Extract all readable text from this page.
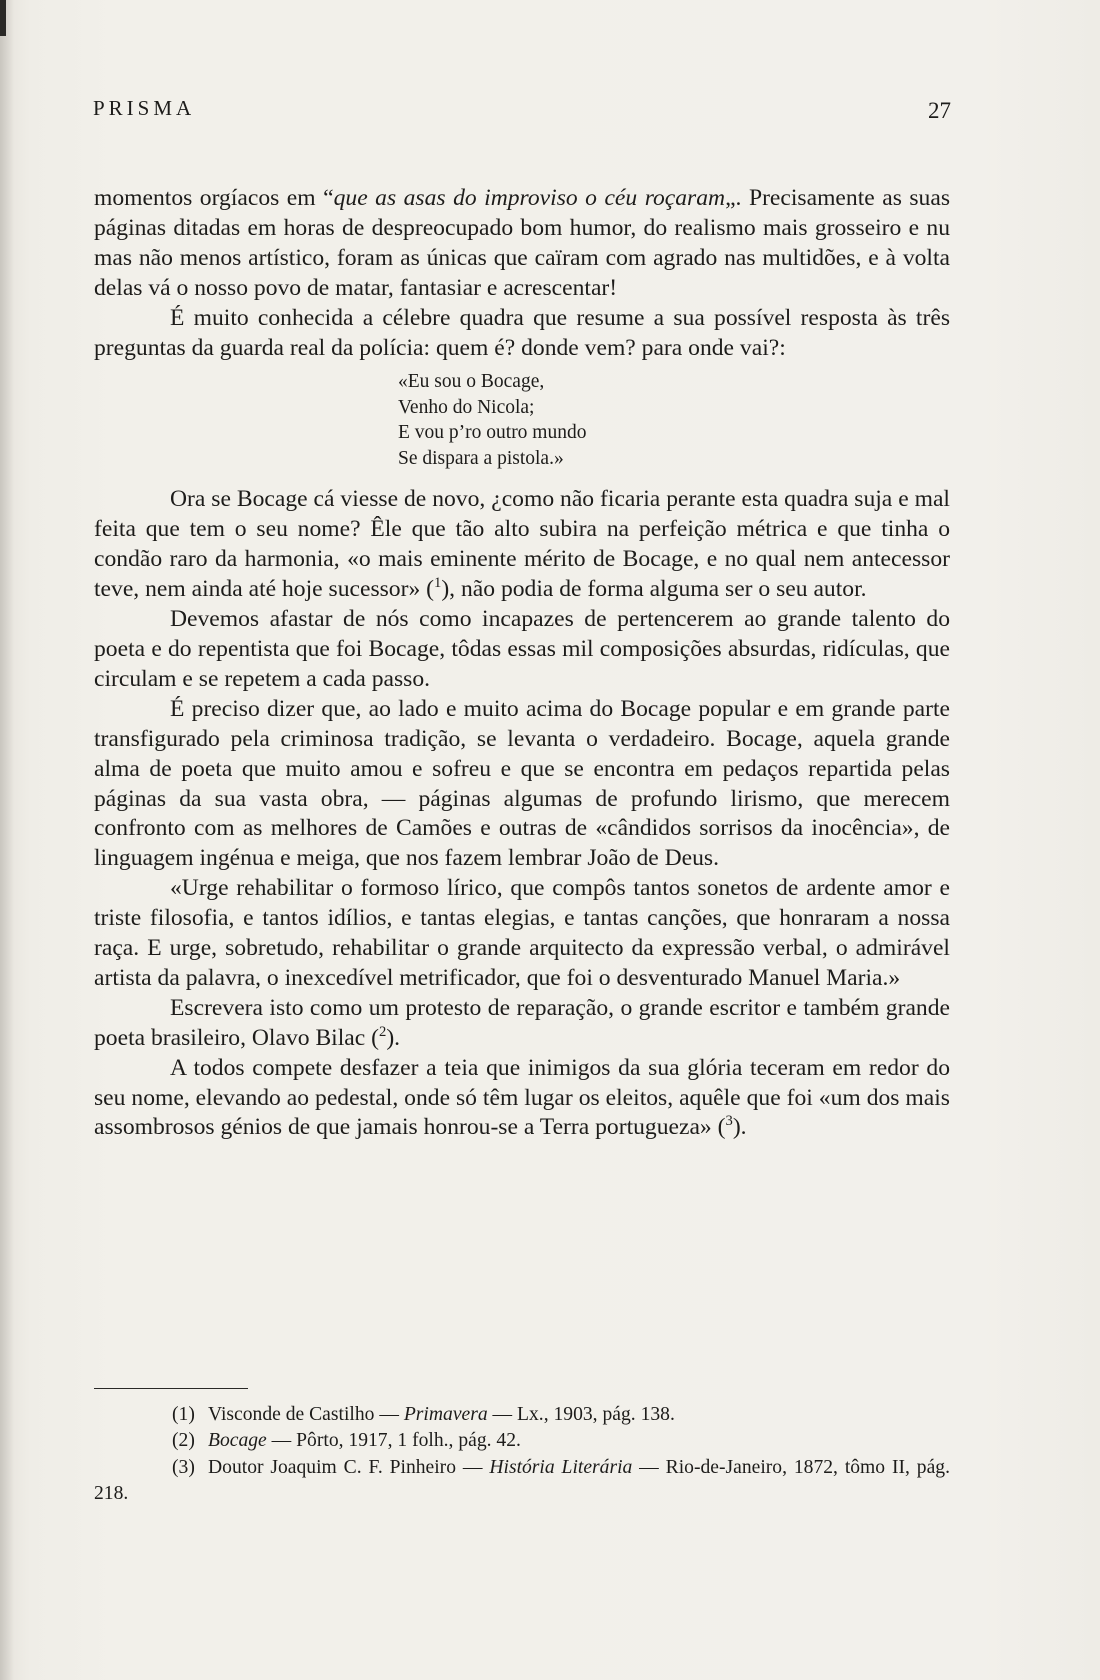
PRISMA	27

momentos orgíacos em “que as asas do improviso o céu roçaram„. Precisamente as suas páginas ditadas em horas de despreocupado bom humor, do realismo mais grosseiro e nu mas não menos artístico, foram as únicas que caïram com agrado nas multidões, e à volta delas vá o nosso povo de matar, fantasiar e acrescentar!

É muito conhecida a célebre quadra que resume a sua possível resposta às três preguntas da guarda real da polícia: quem é? donde vem? para onde vai?:

«Eu sou o Bocage,
Venho do Nicola;
E vou p’ro outro mundo
Se dispara a pistola.»

Ora se Bocage cá viesse de novo, ¿como não ficaria perante esta quadra suja e mal feita que tem o seu nome? Êle que tão alto subira na perfeição métrica e que tinha o condão raro da harmonia, «o mais eminente mérito de Bocage, e no qual nem antecessor teve, nem ainda até hoje sucessor» ($^1$), não podia de forma alguma ser o seu autor.

Devemos afastar de nós como incapazes de pertencerem ao grande talento do poeta e do repentista que foi Bocage, tôdas essas mil composições absurdas, ridículas, que circulam e se repetem a cada passo.

É preciso dizer que, ao lado e muito acima do Bocage popular e em grande parte transfigurado pela criminosa tradição, se levanta o verdadeiro. Bocage, aquela grande alma de poeta que muito amou e sofreu e que se encontra em pedaços repartida pelas páginas da sua vasta obra, — páginas algumas de profundo lirismo, que merecem confronto com as melhores de Camões e outras de «cândidos sorrisos da inocência», de linguagem ingénua e meiga, que nos fazem lembrar João de Deus.

«Urge rehabilitar o formoso lírico, que compôs tantos sonetos de ardente amor e triste filosofia, e tantos idílios, e tantas elegias, e tantas canções, que honraram a nossa raça. E urge, sobretudo, rehabilitar o grande arquitecto da expressão verbal, o admirável artista da palavra, o inexcedível metrificador, que foi o desventurado Manuel Maria.»

Escrevera isto como um protesto de reparação, o grande escritor e também grande poeta brasileiro, Olavo Bilac ($^2$).

A todos compete desfazer a teia que inimigos da sua glória teceram em redor do seu nome, elevando ao pedestal, onde só têm lugar os eleitos, aquêle que foi «um dos mais assombrosos génios de que jamais honrou-se a Terra portugueza» ($^3$).

(1) Visconde de Castilho — Primavera — Lx., 1903, pág. 138.
(2) Bocage — Pôrto, 1917, 1 folh., pág. 42.
(3) Doutor Joaquim C. F. Pinheiro — História Literária — Rio-de-Janeiro, 1872, tômo II, pág. 218.
